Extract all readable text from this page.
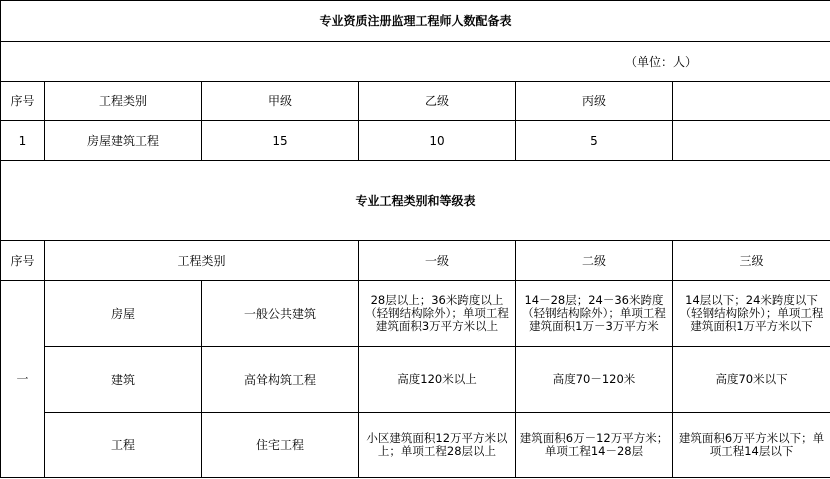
专业资质注册监理工程师人数配备表					
（单位：人）					
序号	工程类别	甲级	乙级	丙级	
1	房屋建筑工程	15	10	5	
专业工程类别和等级表					
序号	工程类别		一级	二级	三级
一	房屋	一般公共建筑	28层以上；36米跨度以上（轻钢结构除外）；单项工程建筑面积3万平方米以上	14－28层；24－36米跨度（轻钢结构除外）；单项工程建筑面积1万－3万平方米	14层以下；24米跨度以下（轻钢结构除外）；单项工程建筑面积1万平方米以下
	建筑	高耸构筑工程	高度120米以上	高度70－120米	高度70米以下
	工程	住宅工程	小区建筑面积12万平方米以上；单项工程28层以上	建筑面积6万－12万平方米；单项工程14－28层	建筑面积6万平方米以下；单项工程14层以下
